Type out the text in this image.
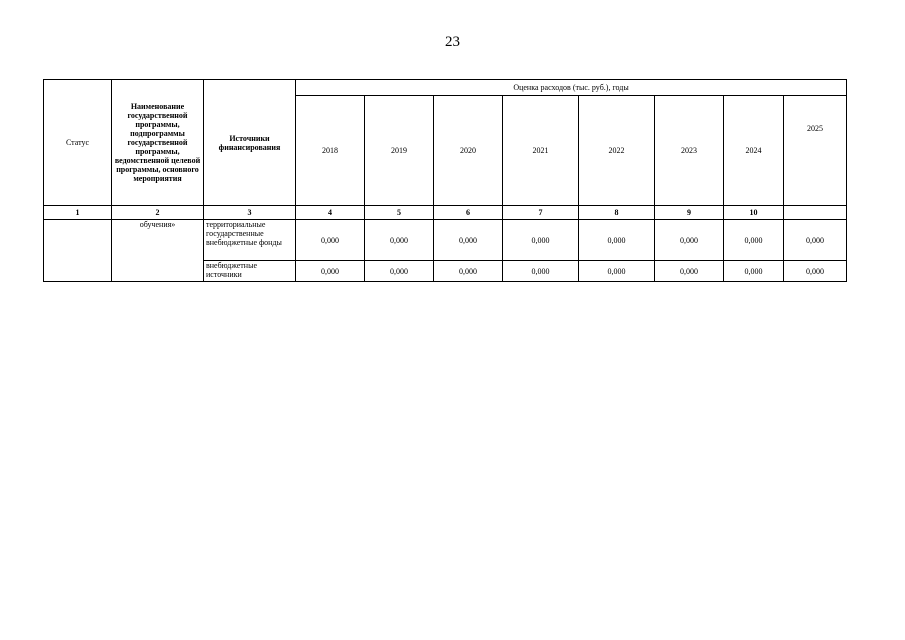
23
Статус	Наименование государственной программы, подпрограммы государственной программы, ведомственной целевой программы, основного мероприятия	Источники финансирования	Оценка расходов (тыс. руб.), годы							
			2018	2019	2020	2021	2022	2023	2024	2025
1	2	3	4	5	6	7	8	9	10	
	обучения»	территориальные государственные внебюджетные фонды	0,000	0,000	0,000	0,000	0,000	0,000	0,000	0,000
		внебюджетные источники	0,000	0,000	0,000	0,000	0,000	0,000	0,000	0,000
